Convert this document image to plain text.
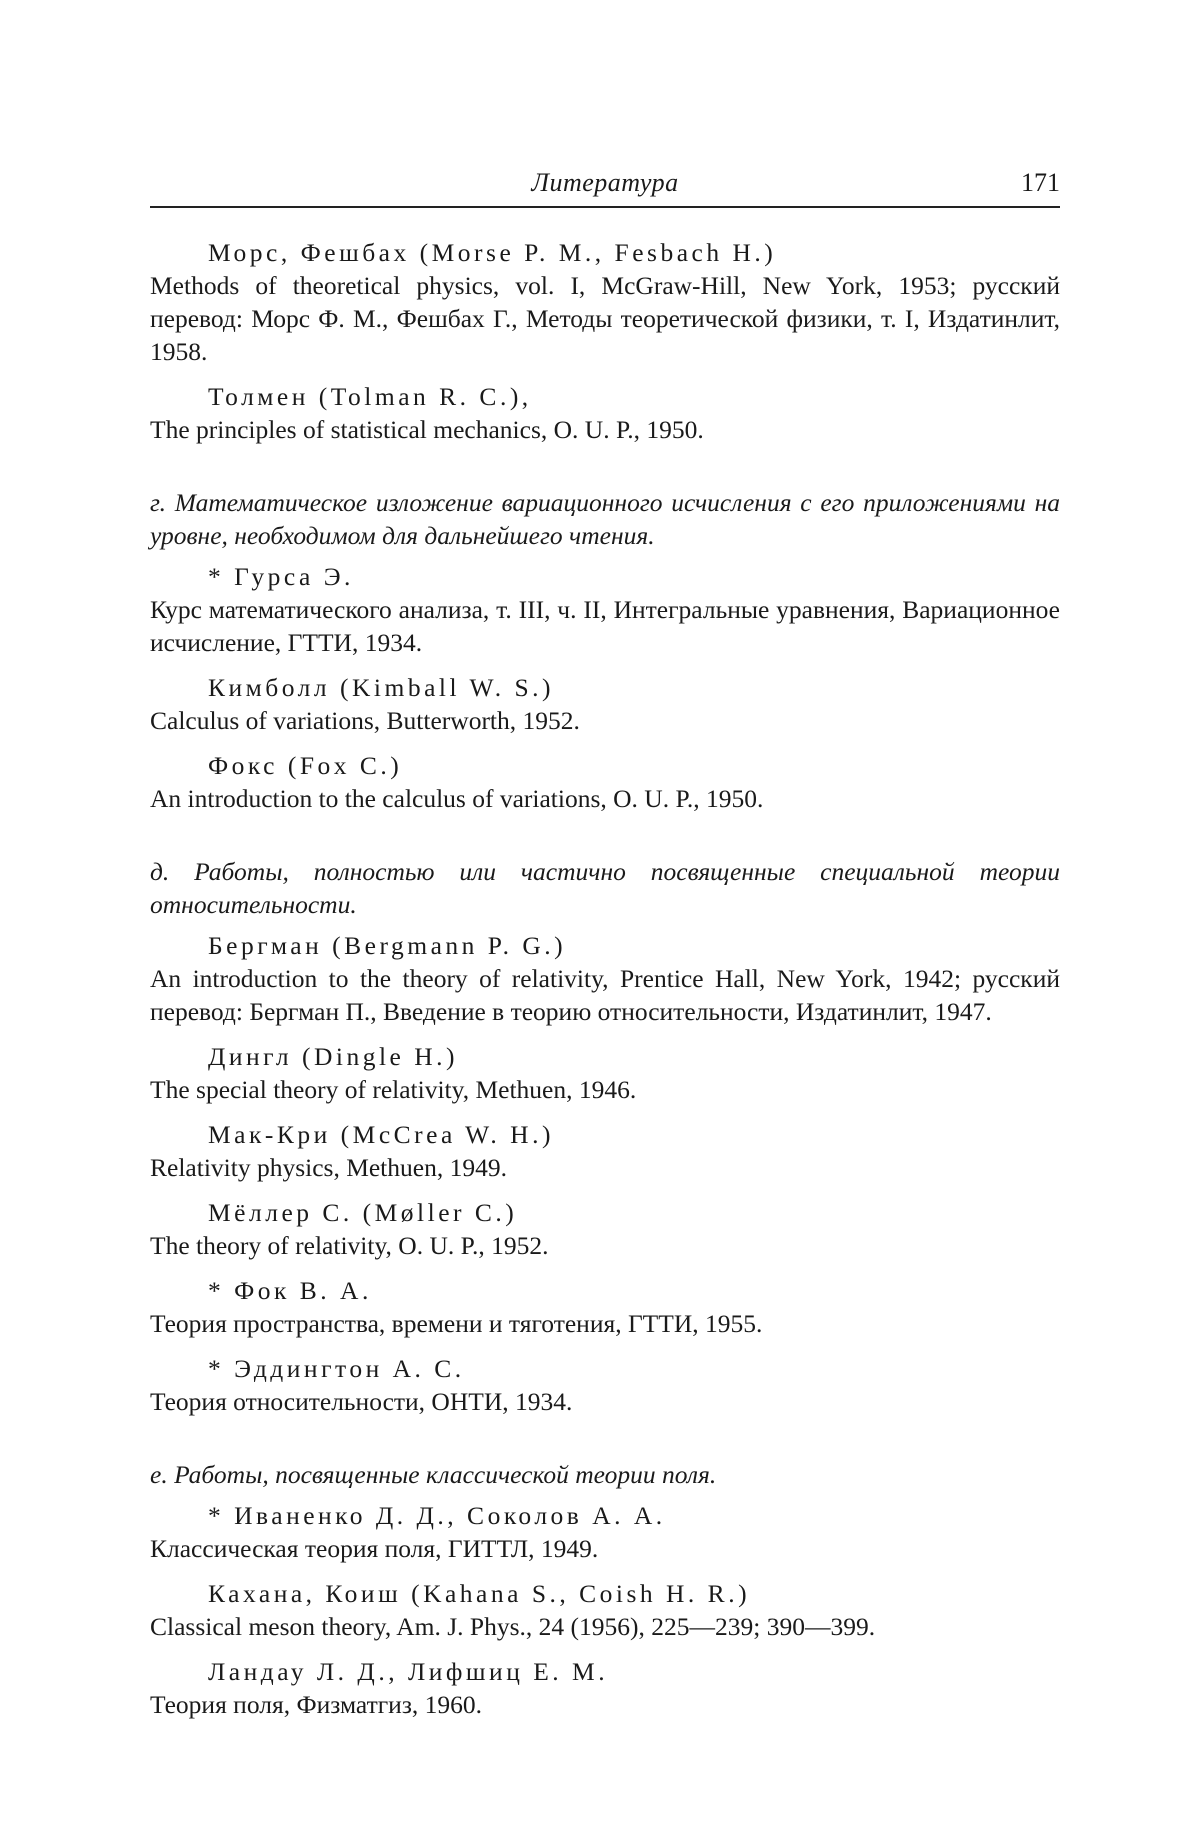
Литература	171
Морс, Фешбах (Morse P. M., Fesbach H.)
Methods of theoretical physics, vol. I, McGraw-Hill, New York, 1953; русский перевод: Морс Ф. М., Фешбах Г., Методы теоретической физики, т. I, Издатинлит, 1958.
Толмен (Tolman R. C.),
The principles of statistical mechanics, O. U. P., 1950.
г. Математическое изложение вариационного исчисления с его приложениями на уровне, необходимом для дальнейшего чтения.
* Гурса Э.
Курс математического анализа, т. III, ч. II, Интегральные уравнения, Вариационное исчисление, ГТТИ, 1934.
Кимболл (Kimball W. S.)
Calculus of variations, Butterworth, 1952.
Фокс (Fox C.)
An introduction to the calculus of variations, O. U. P., 1950.
д. Работы, полностью или частично посвященные специальной теории относительности.
Бергман (Bergmann P. G.)
An introduction to the theory of relativity, Prentice Hall, New York, 1942; русский перевод: Бергман П., Введение в теорию относительности, Издатинлит, 1947.
Дингл (Dingle H.)
The special theory of relativity, Methuen, 1946.
Мак-Кри (McCrea W. H.)
Relativity physics, Methuen, 1949.
Мёллер С. (Møller C.)
The theory of relativity, O. U. P., 1952.
* Фок В. А.
Теория пространства, времени и тяготения, ГТТИ, 1955.
* Эддингтон А. С.
Теория относительности, ОНТИ, 1934.
е. Работы, посвященные классической теории поля.
* Иваненко Д. Д., Соколов А. А.
Классическая теория поля, ГИТТЛ, 1949.
Кахана, Коиш (Kahana S., Coish H. R.)
Classical meson theory, Am. J. Phys., 24 (1956), 225—239; 390—399.
Ландау Л. Д., Лифшиц Е. М.
Теория поля, Физматгиз, 1960.
